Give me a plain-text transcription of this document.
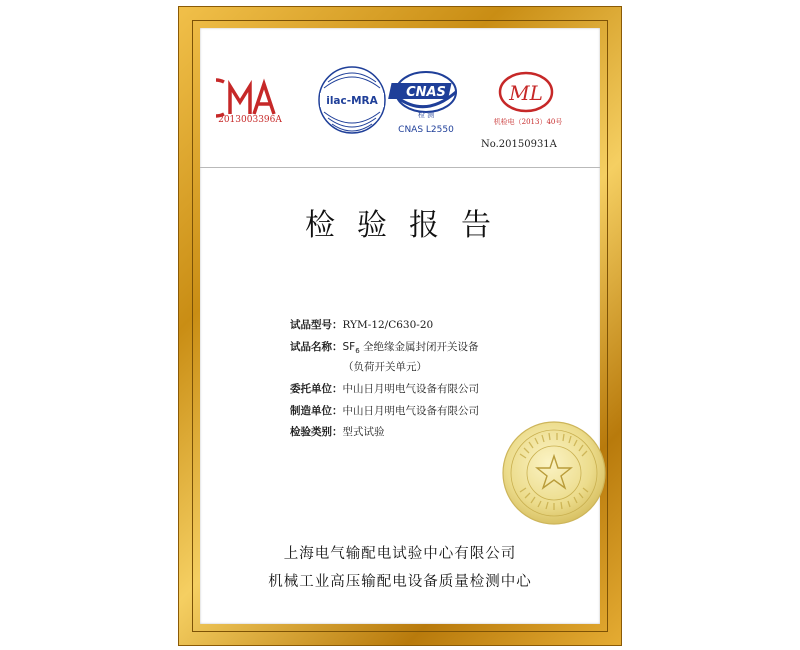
2013003396A
ilac-MRA
CNAS
检 测
CNAS L2550
ML
机检电（2013）40号
No.20150931A
检验报告
试品型号：RYM-12/C630-20
试品名称：$SF_6$ 全绝缘金属封闭开关设备
（负荷开关单元）
委托单位：中山日月明电气设备有限公司
制造单位：中山日月明电气设备有限公司
检验类别：型式试验
上海电气输配电试验中心有限公司
机械工业高压输配电设备质量检测中心
